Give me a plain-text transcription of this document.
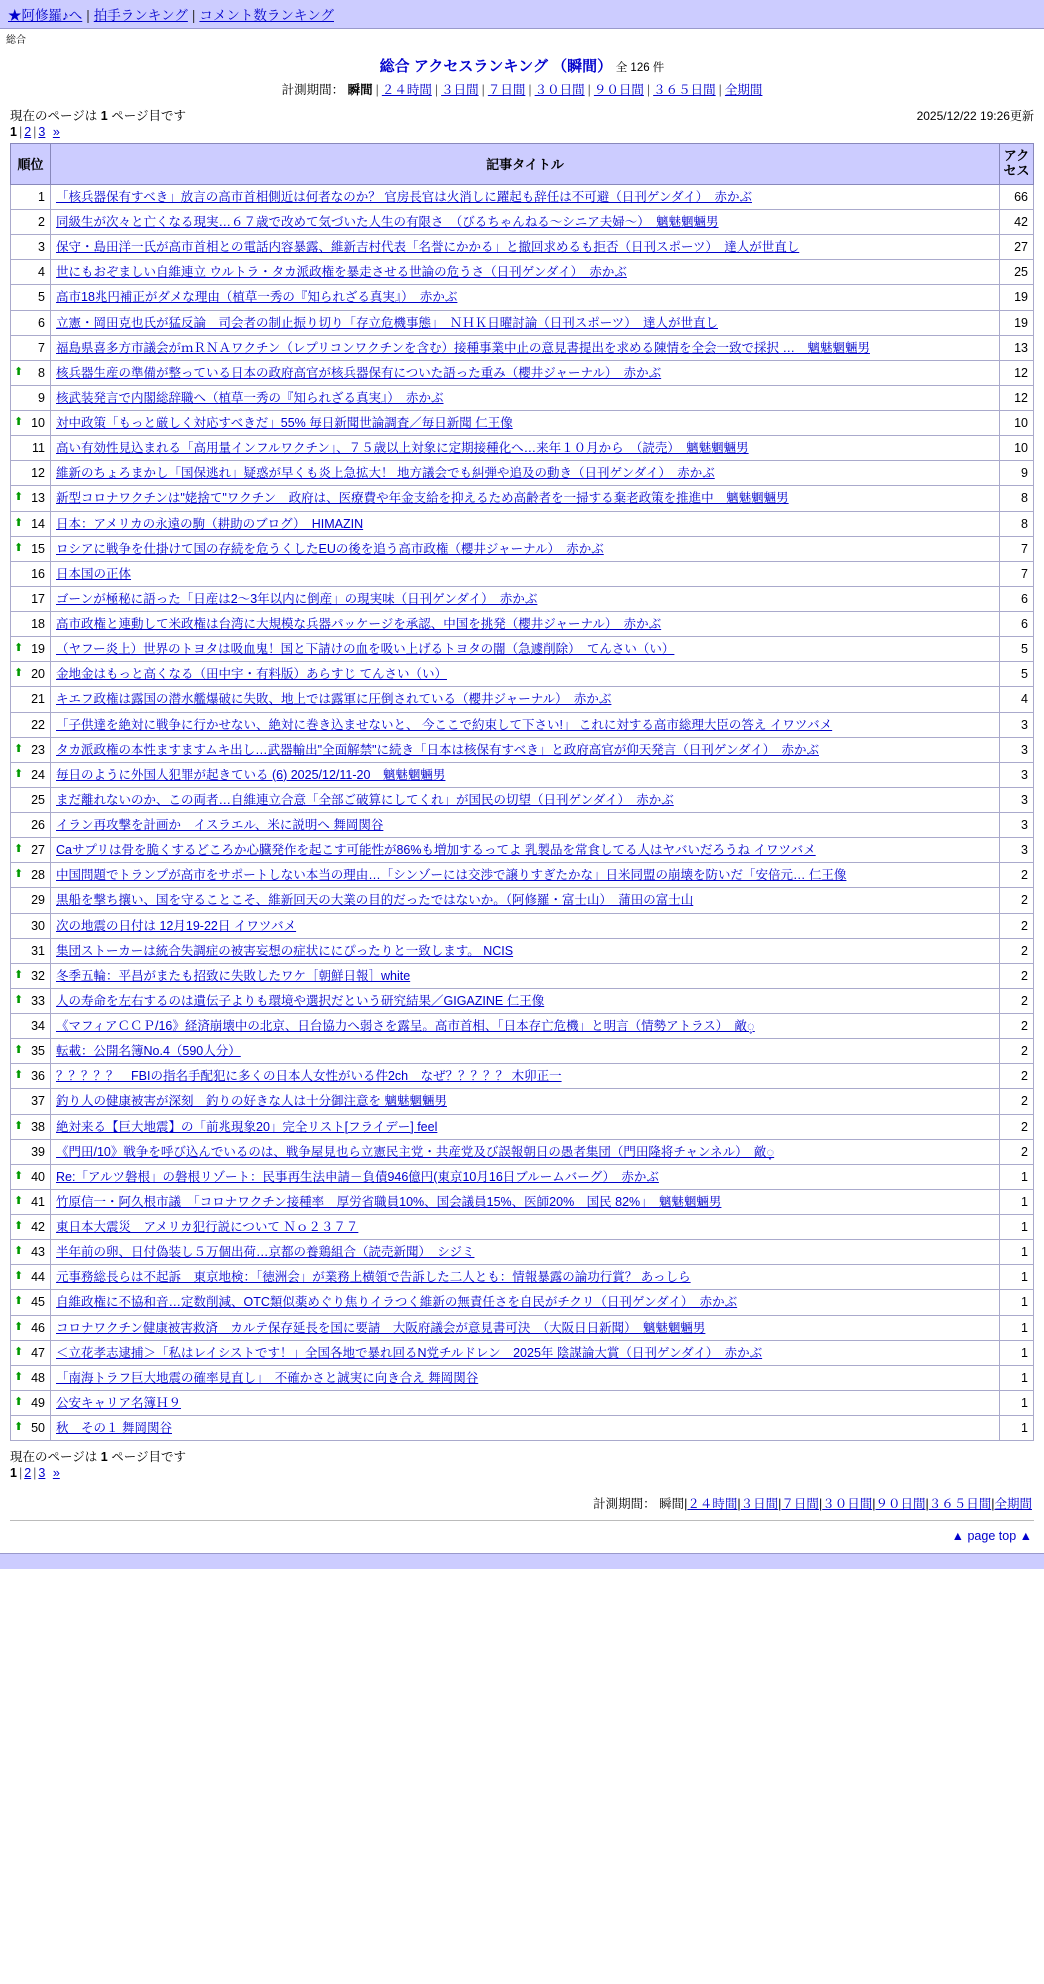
★阿修羅♪へ | 拍手ランキング | コメント数ランキング
総合
総合 アクセスランキング （瞬間） 全 126 件
計測期間： 瞬間 | ２４時間 | ３日間 | ７日間 | ３０日間 | ９０日間 | ３６５日間 | 全期間
現在のページは 1 ページ目です	2025/12/22 19:26更新
1 | 2 | 3 »
順位	記事タイトル	アクセス
1	「核兵器保有すべき」放言の高市首相側近は何者なのか？ 官房長官は火消しに躍起も辞任は不可避（日刊ゲンダイ）　赤かぶ	66
2	同級生が次々と亡くなる現実…６７歳で改めて気づいた人生の有限さ　（びるちゃんねる〜シニア夫婦〜）　魑魅魍魎男	42
3	保守・島田洋一氏が高市首相との電話内容暴露、維新吉村代表「名誉にかかる」と撤回求めるも拒否（日刊スポーツ）　達人が世直し	27
4	世にもおぞましい自維連立 ウルトラ・タカ派政権を暴走させる世論の危うさ（日刊ゲンダイ）　赤かぶ	25
5	高市18兆円補正がダメな理由（植草一秀の『知られざる真実』）　赤かぶ	19
6	立憲・岡田克也氏が猛反論　司会者の制止振り切り「存立危機事態」　ＮＨＫ日曜討論（日刊スポーツ）　達人が世直し	19
7	福島県喜多方市議会がｍＲＮＡワクチン（レプリコンワクチンを含む）接種事業中止の意見書提出を求める陳情を全会一致で採択 …　魑魅魍魎男	13

⬆ 8	核兵器生産の準備が整っている日本の政府高官が核兵器保有についた語った重み（櫻井ジャーナル）　赤かぶ	12
9	核武装発言で内閣総辞職へ（植草一秀の『知られざる真実』）　赤かぶ	12

⬆ 10	対中政策「もっと厳しく対応すべきだ」55% 毎日新聞世論調査／毎日新聞 仁王像	10
11	高い有効性見込まれる「高用量インフルワクチン」、７５歳以上対象に定期接種化へ…来年１０月から　（読売）　魑魅魍魎男	10
12	維新のちょろまかし「国保逃れ」疑惑が早くも炎上急拡大！ 地方議会でも糾弾や追及の動き（日刊ゲンダイ）　赤かぶ	9

⬆ 13	新型コロナワクチンは"姥捨て"ワクチン　政府は、医療費や年金支給を抑えるため高齢者を一掃する棄老政策を推進中　魑魅魍魎男	8

⬆ 14	日本：アメリカの永遠の駒（耕助のブログ）　HIMAZIN	8

⬆ 15	ロシアに戦争を仕掛けて国の存続を危うくしたEUの後を追う高市政権（櫻井ジャーナル）　赤かぶ	7
16	日本国の正体	7
17	ゴーンが極秘に語った「日産は2〜3年以内に倒産」の現実味（日刊ゲンダイ）　赤かぶ	6
18	高市政権と連動して米政権は台湾に大規模な兵器パッケージを承認、中国を挑発（櫻井ジャーナル）　赤かぶ	6

⬆ 19	（ヤフー炎上）世界のトヨタは吸血鬼！国と下請けの血を吸い上げるトヨタの闇（急遽削除）　てんさい（い）	5

⬆ 20	金地金はもっと高くなる（田中宇・有料版）あらすじ てんさい（い）	5
21	キエフ政権は露国の潜水艦爆破に失敗、地上では露軍に圧倒されている（櫻井ジャーナル）　赤かぶ	4
22	「子供達を絶対に戦争に行かせない、絶対に巻き込ませないと、 今ここで約束して下さい!」 これに対する高市総理大臣の答え イワツバメ	3

⬆ 23	タカ派政権の本性ますますムキ出し…武器輸出"全面解禁"に続き「日本は核保有すべき」と政府高官が仰天発言（日刊ゲンダイ）　赤かぶ	3

⬆ 24	毎日のように外国人犯罪が起きている (6) 2025/12/11-20　魑魅魍魎男	3
25	まだ離れないのか、この両者…自維連立合意「全部ご破算にしてくれ」が国民の切望（日刊ゲンダイ）　赤かぶ	3
26	イラン再攻撃を計画か　イスラエル、米に説明へ 舞岡関谷	3

⬆ 27	Caサプリは骨を脆くするどころか心臓発作を起こす可能性が86%も増加するってよ 乳製品を常食してる人はヤバいだろうね イワツバメ	3

⬆ 28	中国問題でトランプが高市をサポートしない本当の理由…「シンゾーには交渉で譲りすぎたかな」日米同盟の崩壊を防いだ「安倍元… 仁王像	2
29	黒船を撃ち攘い、国を守ることこそ、維新回天の大業の目的だったではないか。（阿修羅・富士山）　蒲田の富士山	2
30	次の地震の日付は 12月19-22日 イワツバメ	2
31	集団ストーカーは統合失調症の被害妄想の症状ににぴったりと一致します。 NCIS	2

⬆ 32	冬季五輪：平昌がまたも招致に失敗したワケ［朝鮮日報］white	2

⬆ 33	人の寿命を左右するのは遺伝子よりも環境や選択だという研究結果／GIGAZINE 仁王像	2
34	《マフィアＣＣＰ/16》経済崩壊中の北京、日台協力へ弱さを露呈。高市首相、「日本存亡危機」と明言（情勢アトラス）　敵့	2

⬆ 35	転載：公開名簿No.4（590人分）	2

⬆ 36	？？？？？　FBIの指名手配犯に多くの日本人女性がいる件2ch　なぜ？？？？？ 木卯正一	2
37	釣り人の健康被害が深刻　釣りの好きな人は十分御注意を 魑魅魍魎男	2

⬆ 38	絶対来る【巨大地震】の「前兆現象20」完全リスト[フライデー] feel	2
39	《門田/10》戦争を呼び込んでいるのは、戦争屋見也ら立憲民主党・共産党及び誤報朝日の愚者集団（門田隆将チャンネル）　敵့	2

⬆ 40	Re:「アルツ磐根」の磐根リゾート：民事再生法申請－負債946億円(東京10月16日ブルームバーグ）　赤かぶ	1

⬆ 41	竹原信一・阿久根市議　「コロナワクチン接種率　厚労省職員10%、国会議員15%、医師20%　国民 82%」　魑魅魍魎男	1

⬆ 42	東日本大震災　アメリカ犯行説について Ｎｏ２３７７	1

⬆ 43	半年前の卵、日付偽装し５万個出荷…京都の養鶏組合（読売新聞）　シジミ	1

⬆ 44	元事務総長らは不起訴　東京地検：「徳洲会」が業務上横領で告訴した二人とも：情報暴露の論功行賞？ あっしら	1

⬆ 45	自維政権に不協和音…定数削減、OTC類似薬めぐり焦りイラつく維新の無責任さを自民がチクリ（日刊ゲンダイ）　赤かぶ	1

⬆ 46	コロナワクチン健康被害救済　カルテ保存延長を国に要請　大阪府議会が意見書可決　（大阪日日新聞）　魑魅魍魎男	1

⬆ 47	＜立花孝志逮捕＞「私はレイシストです！」全国各地で暴れ回るN党チルドレン　2025年 陰謀論大賞（日刊ゲンダイ）　赤かぶ	1

⬆ 48	「南海トラフ巨大地震の確率見直し」　不確かさと誠実に向き合え 舞岡関谷	1

⬆ 49	公安キャリア名簿Ｈ９	1

⬆ 50	秋　その１ 舞岡関谷	1
現在のページは 1 ページ目です
1 | 2 | 3 »
計測期間： 瞬間|２４時間|３日間|７日間|３０日間|９０日間|３６５日間|全期間
▲ page top ▲
